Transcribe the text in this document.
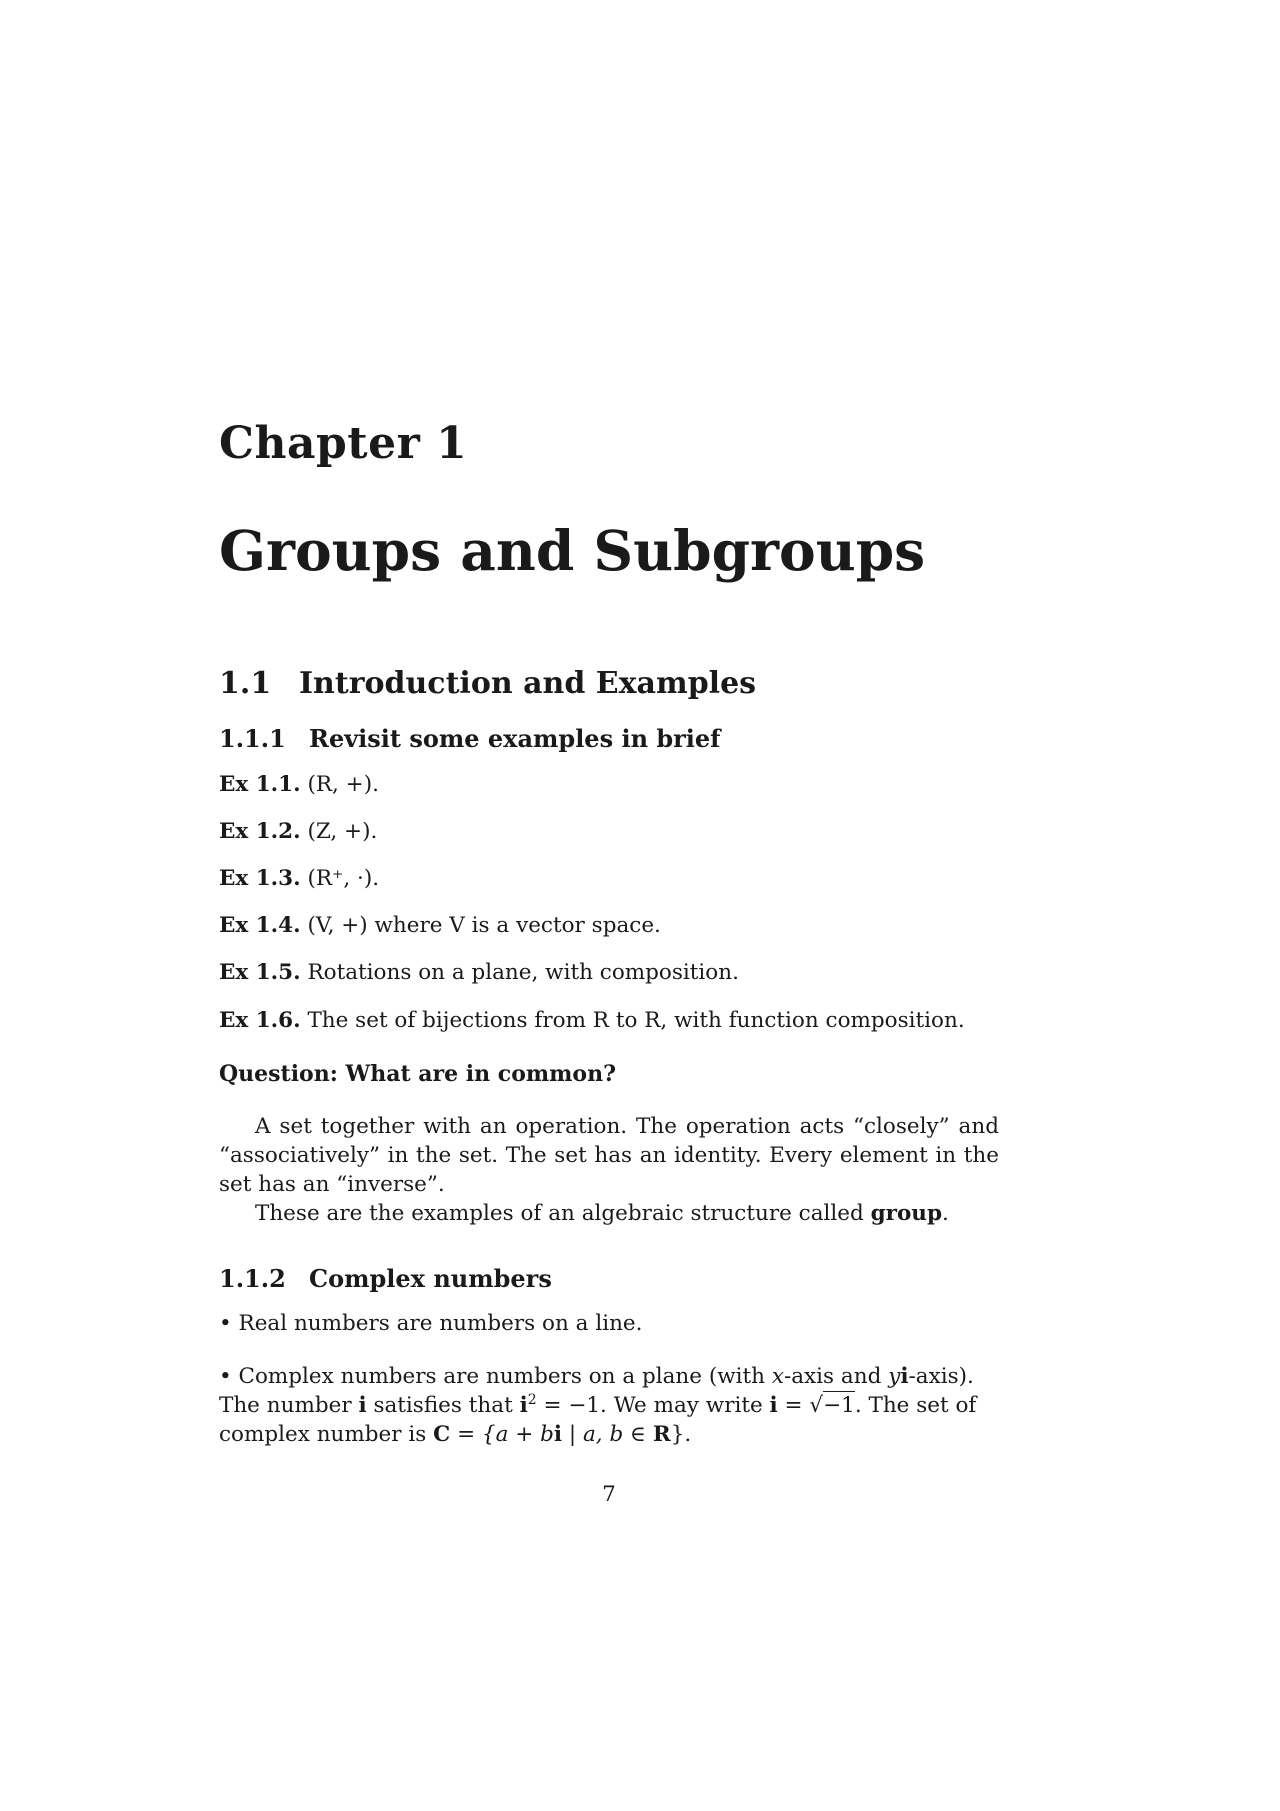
Chapter 1
Groups and Subgroups
1.1 Introduction and Examples
1.1.1 Revisit some examples in brief
Ex 1.1. (R, +).
Ex 1.2. (Z, +).
Ex 1.3. (R⁺, ·).
Ex 1.4. (V, +) where V is a vector space.
Ex 1.5. Rotations on a plane, with composition.
Ex 1.6. The set of bijections from R to R, with function composition.
Question: What are in common?
A set together with an operation. The operation acts “closely” and “associatively” in the set. The set has an identity. Every element in the set has an “inverse”.
These are the examples of an algebraic structure called group.
1.1.2 Complex numbers
• Real numbers are numbers on a line.
• Complex numbers are numbers on a plane (with x-axis and yi-axis). The number i satisfies that $i^2 = -1$. We may write i = √−1. The set of complex number is C = {a + bi | a, b ∈ R}.
7
